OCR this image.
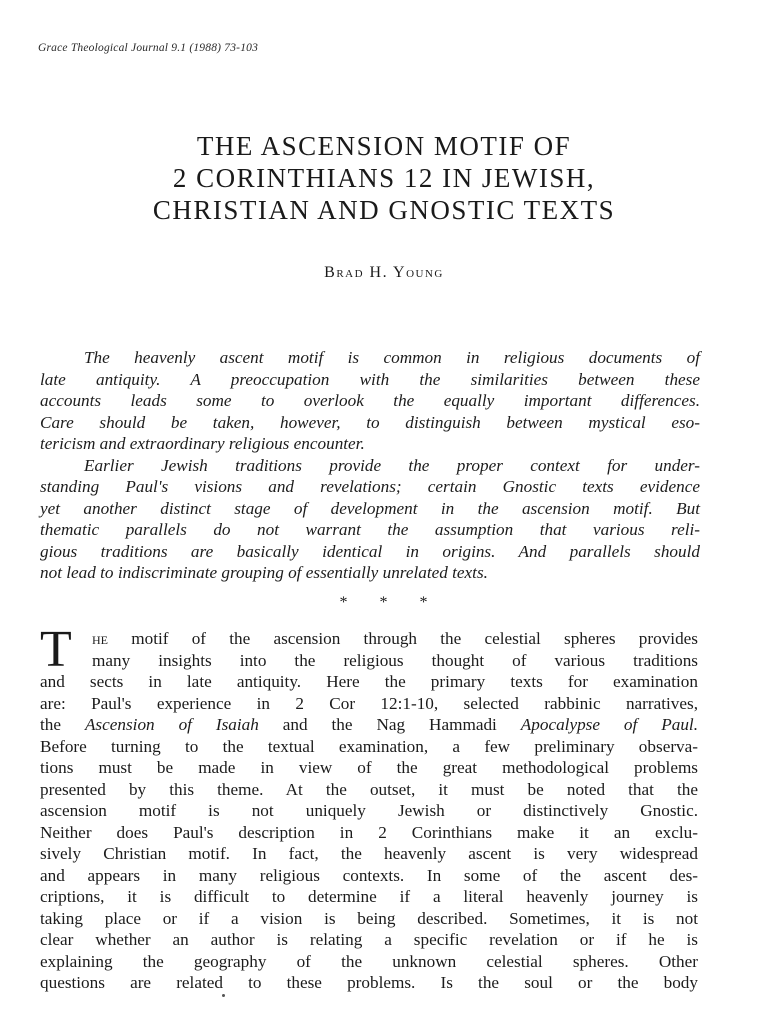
Grace Theological Journal 9.1 (1988) 73-103
THE ASCENSION MOTIF OF
2 CORINTHIANS 12 IN JEWISH,
CHRISTIAN AND GNOSTIC TEXTS
Brad H. Young
The heavenly ascent motif is common in religious documents of
late antiquity. A preoccupation with the similarities between these
accounts leads some to overlook the equally important differences.
Care should be taken, however, to distinguish between mystical eso-
tericism and extraordinary religious encounter.
Earlier Jewish traditions provide the proper context for under-
standing Paul's visions and revelations; certain Gnostic texts evidence
yet another distinct stage of development in the ascension motif. But
thematic parallels do not warrant the assumption that various reli-
gious traditions are basically identical in origins. And parallels should
not lead to indiscriminate grouping of essentially unrelated texts.
* * *
T	he motif of the ascension through the celestial spheres provides
many insights into the religious thought of various traditions
and sects in late antiquity. Here the primary texts for examination
are: Paul's experience in 2 Cor 12:1-10, selected rabbinic narratives,
the Ascension of Isaiah and the Nag Hammadi Apocalypse of Paul.
Before turning to the textual examination, a few preliminary observa-
tions must be made in view of the great methodological problems
presented by this theme. At the outset, it must be noted that the
ascension motif is not uniquely Jewish or distinctively Gnostic.
Neither does Paul's description in 2 Corinthians make it an exclu-
sively Christian motif. In fact, the heavenly ascent is very widespread
and appears in many religious contexts. In some of the ascent des-
criptions, it is difficult to determine if a literal heavenly journey is
taking place or if a vision is being described. Sometimes, it is not
clear whether an author is relating a specific revelation or if he is
explaining the geography of the unknown celestial spheres. Other
questions are related to these problems. Is the soul or the body
